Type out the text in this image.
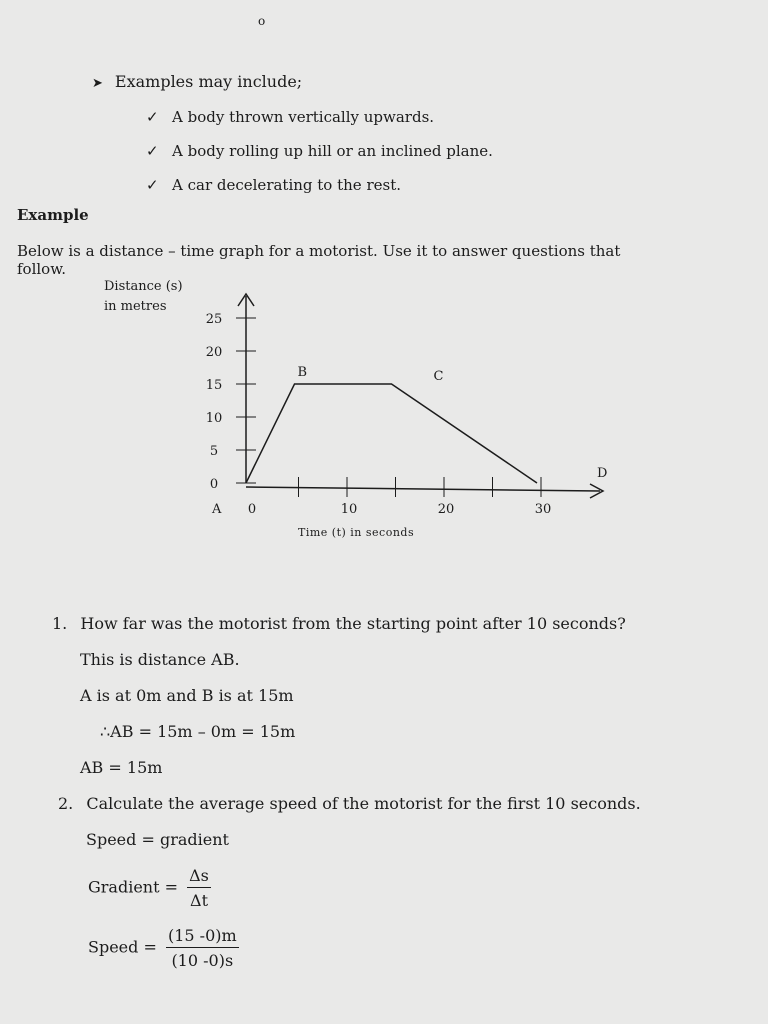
o
➤ Examples may include;
✓ A body thrown vertically upwards.
✓ A body rolling up hill or an inclined plane.
✓ A car decelerating to the rest.
Example
Below is a distance – time graph for a motorist. Use it to answer questions that
follow.
Distance (s)
in metres
25
20
15
10
5
0
0	10	20	30
A
B	C
D
Time (t) in seconds
1. How far was the motorist from the starting point after 10 seconds?
This is distance AB.
A is at 0m and B is at 15m
∴AB = 15m – 0m = 15m
AB = 15m
2. Calculate the average speed of the motorist for the first 10 seconds.
Speed = gradient
Gradient = $\frac{\Delta s}{\Delta t}$
Speed = $\frac{(15 -0)m}{(10 -0)s}$
